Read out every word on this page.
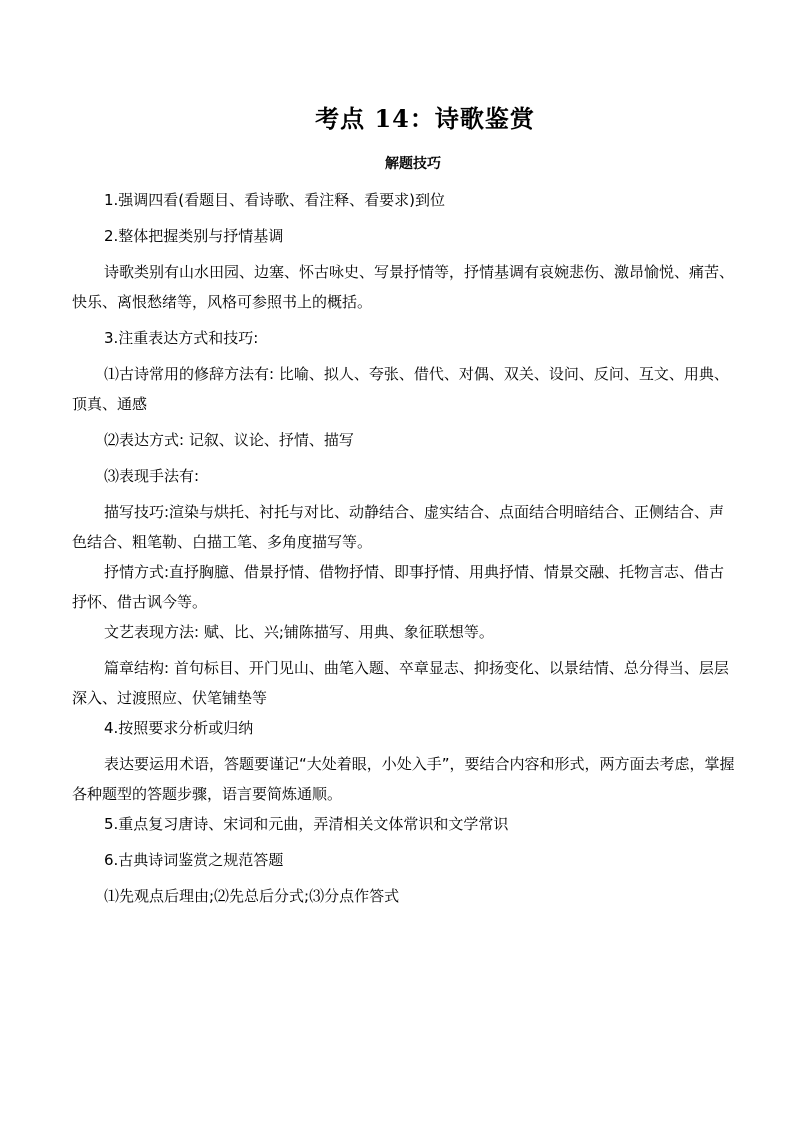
考点 14：诗歌鉴赏
解题技巧

1.强调四看(看题目、看诗歌、看注释、看要求)到位

2.整体把握类别与抒情基调

诗歌类别有山水田园、边塞、怀古咏史、写景抒情等，抒情基调有哀婉悲伤、激昂愉悦、痛苦、快乐、离恨愁绪等，风格可参照书上的概括。

3.注重表达方式和技巧:

⑴古诗常用的修辞方法有: 比喻、拟人、夸张、借代、对偶、双关、设问、反问、互文、用典、顶真、通感

⑵表达方式: 记叙、议论、抒情、描写

⑶表现手法有:

描写技巧:渲染与烘托、衬托与对比、动静结合、虚实结合、点面结合明暗结合、正侧结合、声色结合、粗笔勒、白描工笔、多角度描写等。

抒情方式:直抒胸臆、借景抒情、借物抒情、即事抒情、用典抒情、情景交融、托物言志、借古抒怀、借古讽今等。

文艺表现方法: 赋、比、兴;铺陈描写、用典、象征联想等。

篇章结构: 首句标目、开门见山、曲笔入题、卒章显志、抑扬变化、以景结情、总分得当、层层深入、过渡照应、伏笔铺垫等

4.按照要求分析或归纳

表达要运用术语，答题要谨记“大处着眼，小处入手”，要结合内容和形式，两方面去考虑，掌握各种题型的答题步骤，语言要简炼通顺。

5.重点复习唐诗、宋词和元曲，弄清相关文体常识和文学常识

6.古典诗词鉴赏之规范答题

⑴先观点后理由;⑵先总后分式;⑶分点作答式
